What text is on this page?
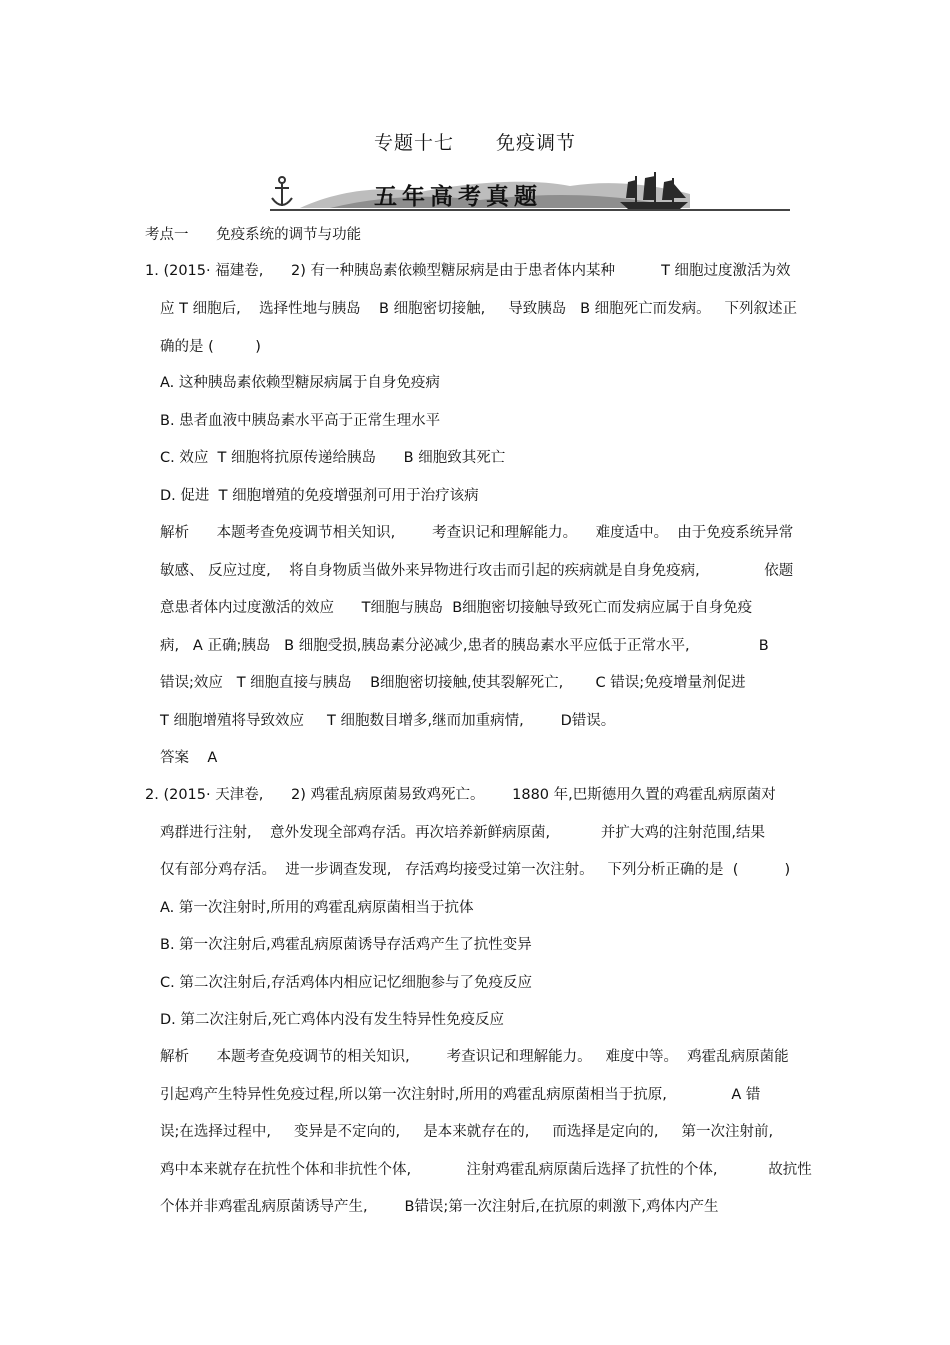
专题十七 免疫调节
五年高考真题
考点一      免疫系统的调节与功能
1. (2015· 福建卷,      2) 有一种胰岛素依赖型糖尿病是由于患者体内某种          T 细胞过度激活为效
应 T 细胞后,    选择性地与胰岛    B 细胞密切接触,     导致胰岛   B 细胞死亡而发病。   下列叙述正
确的是 (         )
A. 这种胰岛素依赖型糖尿病属于自身免疫病
B. 患者血液中胰岛素水平高于正常生理水平
C. 效应  T 细胞将抗原传递给胰岛      B 细胞致其死亡
D. 促进  T 细胞增殖的免疫增强剂可用于治疗该病
解析      本题考查免疫调节相关知识,        考查识记和理解能力。    难度适中。  由于免疫系统异常
敏感、 反应过度,    将自身物质当做外来异物进行攻击而引起的疾病就是自身免疫病,              依题
意患者体内过度激活的效应      T细胞与胰岛  B细胞密切接触导致死亡而发病应属于自身免疫
病,   A 正确;胰岛   B 细胞受损,胰岛素分泌减少,患者的胰岛素水平应低于正常水平,               B
错误;效应   T 细胞直接与胰岛    B细胞密切接触,使其裂解死亡,       C 错误;免疫增量剂促进
T 细胞增殖将导致效应     T 细胞数目增多,继而加重病情,        D错误。
答案    A
2. (2015· 天津卷,      2) 鸡霍乱病原菌易致鸡死亡。      1880 年,巴斯德用久置的鸡霍乱病原菌对
鸡群进行注射,    意外发现全部鸡存活。再次培养新鲜病原菌,           并扩大鸡的注射范围,结果
仅有部分鸡存活。  进一步调查发现,   存活鸡均接受过第一次注射。   下列分析正确的是  (          )
A. 第一次注射时,所用的鸡霍乱病原菌相当于抗体
B. 第一次注射后,鸡霍乱病原菌诱导存活鸡产生了抗性变异
C. 第二次注射后,存活鸡体内相应记忆细胞参与了免疫反应
D. 第二次注射后,死亡鸡体内没有发生特异性免疫反应
解析      本题考查免疫调节的相关知识,        考查识记和理解能力。   难度中等。  鸡霍乱病原菌能
引起鸡产生特异性免疫过程,所以第一次注射时,所用的鸡霍乱病原菌相当于抗原,              A 错
误;在选择过程中,     变异是不定向的,     是本来就存在的,     而选择是定向的,     第一次注射前,
鸡中本来就存在抗性个体和非抗性个体,            注射鸡霍乱病原菌后选择了抗性的个体,           故抗性
个体并非鸡霍乱病原菌诱导产生,        B错误;第一次注射后,在抗原的刺激下,鸡体内产生
